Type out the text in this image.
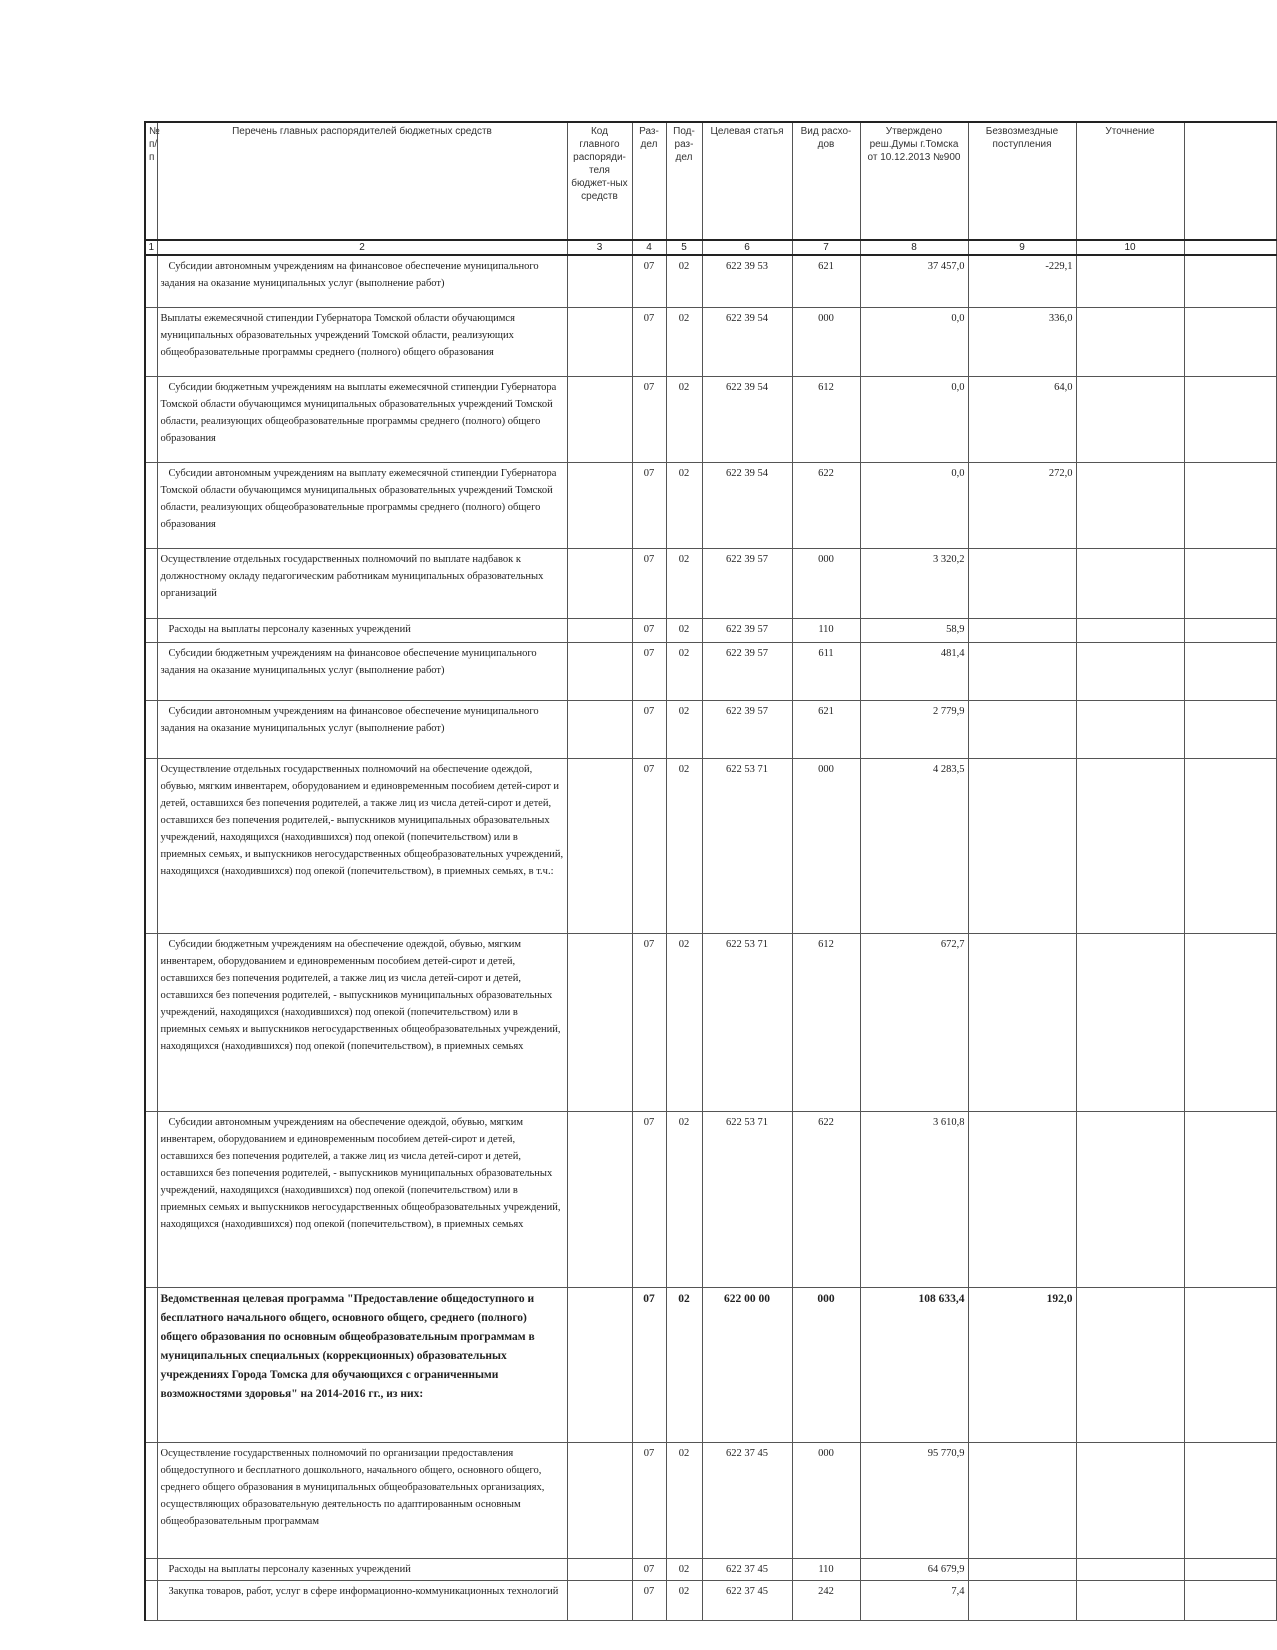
№ п/п	Перечень главных распорядителей бюджетных средств	Код главного распоряди-теля бюджет-ных средств	Раз-дел	Под-раз-дел	Целевая статья	Вид расхо-дов	Утверждено реш.Думы г.Томска от 10.12.2013 №900	Безвозмездные поступления	Уточнение	
1	2	3	4	5	6	7	8	9	10	
	Субсидии автономным учреждениям на финансовое обеспечение муниципального задания на оказание муниципальных услуг (выполнение работ)		07	02	622 39 53	621	37 457,0	-229,1		
	Выплаты ежемесячной стипендии Губернатора Томской области обучающимся муниципальных образовательных учреждений Томской области, реализующих общеобразовательные программы среднего (полного) общего образования		07	02	622 39 54	000	0,0	336,0		
	Субсидии бюджетным учреждениям на выплаты ежемесячной стипендии Губернатора Томской области обучающимся муниципальных образовательных учреждений Томской области, реализующих общеобразовательные программы среднего (полного) общего образования		07	02	622 39 54	612	0,0	64,0		
	Субсидии автономным учреждениям на выплату ежемесячной стипендии Губернатора Томской области обучающимся муниципальных образовательных учреждений Томской области, реализующих общеобразовательные программы среднего (полного) общего образования		07	02	622 39 54	622	0,0	272,0		
	Осуществление отдельных государственных полномочий по выплате надбавок к должностному окладу педагогическим работникам муниципальных образовательных организаций		07	02	622 39 57	000	3 320,2			
	Расходы на выплаты персоналу казенных учреждений		07	02	622 39 57	110	58,9			
	Субсидии бюджетным учреждениям на финансовое обеспечение муниципального задания на оказание муниципальных услуг (выполнение работ)		07	02	622 39 57	611	481,4			
	Субсидии автономным учреждениям на финансовое обеспечение муниципального задания на оказание муниципальных услуг (выполнение работ)		07	02	622 39 57	621	2 779,9			
	Осуществление отдельных государственных полномочий на обеспечение одеждой, обувью, мягким инвентарем, оборудованием и единовременным пособием детей-сирот и детей, оставшихся без попечения родителей, а также лиц из числа детей-сирот и детей, оставшихся без попечения родителей,- выпускников муниципальных образовательных учреждений, находящихся (находившихся) под опекой (попечительством) или в приемных семьях, и выпускников негосударственных общеобразовательных учреждений, находящихся (находившихся) под опекой (попечительством), в приемных семьях, в т.ч.:		07	02	622 53 71	000	4 283,5			
	Субсидии бюджетным учреждениям на обеспечение одеждой, обувью, мягким инвентарем, оборудованием и единовременным пособием детей-сирот и детей, оставшихся без попечения родителей, а также лиц из числа детей-сирот и детей, оставшихся без попечения родителей, - выпускников муниципальных образовательных учреждений, находящихся (находившихся) под опекой (попечительством) или в приемных семьях и выпускников негосударственных общеобразовательных учреждений, находящихся (находившихся) под опекой (попечительством), в приемных семьях		07	02	622 53 71	612	672,7			
	Субсидии автономным учреждениям на обеспечение одеждой, обувью, мягким инвентарем, оборудованием и единовременным пособием детей-сирот и детей, оставшихся без попечения родителей, а также лиц из числа детей-сирот и детей, оставшихся без попечения родителей, - выпускников муниципальных образовательных учреждений, находящихся (находившихся) под опекой (попечительством) или в приемных семьях и выпускников негосударственных общеобразовательных учреждений, находящихся (находившихся) под опекой (попечительством), в приемных семьях		07	02	622 53 71	622	3 610,8			
	Ведомственная целевая программа "Предоставление общедоступного и бесплатного начального общего, основного общего, среднего (полного) общего образования по основным общеобразовательным программам в муниципальных специальных (коррекционных) образовательных учреждениях Города Томска для обучающихся с ограниченными возможностями здоровья" на 2014-2016 гг., из них:		07	02	622 00 00	000	108 633,4	192,0		
	Осуществление государственных полномочий по организации предоставления общедоступного и бесплатного дошкольного, начального общего, основного общего, среднего общего образования в муниципальных общеобразовательных организациях, осуществляющих образовательную деятельность по адаптированным основным общеобразовательным программам		07	02	622 37 45	000	95 770,9			
	Расходы на выплаты персоналу казенных учреждений		07	02	622 37 45	110	64 679,9			
	Закупка товаров, работ, услуг в сфере информационно-коммуникационных технологий		07	02	622 37 45	242	7,4			
